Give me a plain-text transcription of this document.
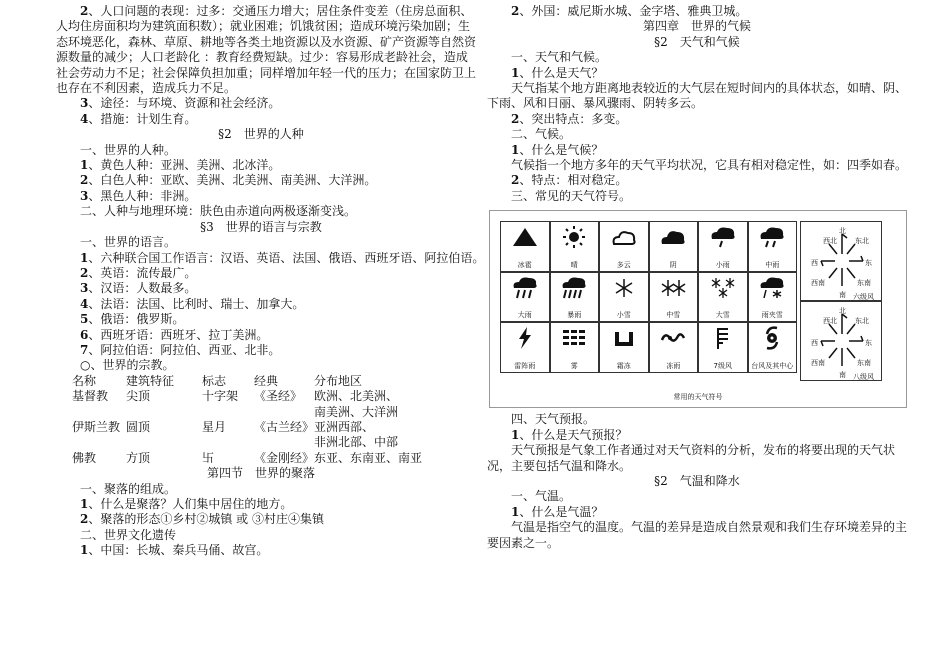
2、人口问题的表现：过多：交通压力增大；居住条件变差（住房总面积、
人均住房面积均为建筑面积数）；就业困难；饥饿贫困；造成环境污染加剧；生
态环境恶化，森林、草原、耕地等各类土地资源以及水资源、矿产资源等自然资
源数量的减少；人口老龄化 ：教育经费短缺。过少：容易形成老龄社会，造成
社会劳动力不足；社会保障负担加重；同样增加年轻一代的压力；在国家防卫上
也存在不利因素，造成兵力不足。
3、途径：与环境、资源和社会经济。
4、措施：计划生育。
§2　世界的人种
一、世界的人种。
1、黄色人种：亚洲、美洲、北冰洋。
2、白色人种：亚欧、美洲、北美洲、南美洲、大洋洲。
3、黑色人种：非洲。
二、人种与地理环境：肤色由赤道向两极逐渐变浅。
§3　世界的语言与宗教
一、世界的语言。
1、六种联合国工作语言：汉语、英语、法国、俄语、西班牙语、阿拉伯语。
2、英语：流传最广。
3、汉语：人数最多。
4、法语：法国、比利时、瑞士、加拿大。
5、俄语：俄罗斯。
6、西班牙语：西班牙、拉丁美洲。
7、阿拉伯语：阿拉伯、西亚、北非。
○、世界的宗教。
名称 建筑特征 标志 经典	分布地区
基督教 尖顶	十字架 《圣经》 欧洲、北美洲、
南美洲、大洋洲
伊斯兰教 圆顶	星月 《古兰经》 亚洲西部、
非洲北部、中部
佛教 方顶	卐	《金刚经》 东亚、东南亚、南亚
第四节　世界的聚落
一、聚落的组成。
1、什么是聚落？人们集中居住的地方。
2、聚落的形态①乡村②城镇 或 ③村庄④集镇
二、世界文化遗传
1、中国：长城、秦兵马俑、故宫。
2、外国：威尼斯水城、金字塔、雅典卫城。
第四章　世界的气候
§2　天气和气候
一、天气和气候。
1、什么是天气？
天气指某个地方距离地表较近的大气层在短时间内的具体状态，如晴、阴、
下雨、风和日丽、暴风骤雨、阴转多云。
2、突出特点：多变。
二、气候。
1、什么是气候？
气候指一个地方多年的天气平均状况，它具有相对稳定性，如：四季如春。
2、特点：相对稳定。
三、常见的天气符号。
冰雹	晴	多云	阴	小雨	中雨
大雨	暴雨	小雪	中雪	大雪	雨夹雪
雷阵雨	雾	霜冻	冻雨	7级风	台风及其中心
北
西北	东北
西	东
西南	东南
南 六级风
北
西北	东北
西	东
西南	东南
南 八级风
常用的天气符号
四、天气预报。
1、什么是天气预报？
天气预报是气象工作者通过对天气资料的分析，发布的将要出现的天气状
况，主要包括气温和降水。
§2　气温和降水
一、气温。
1、什么是气温？
气温是指空气的温度。气温的差异是造成自然景观和我们生存环境差异的主
要因素之一。
